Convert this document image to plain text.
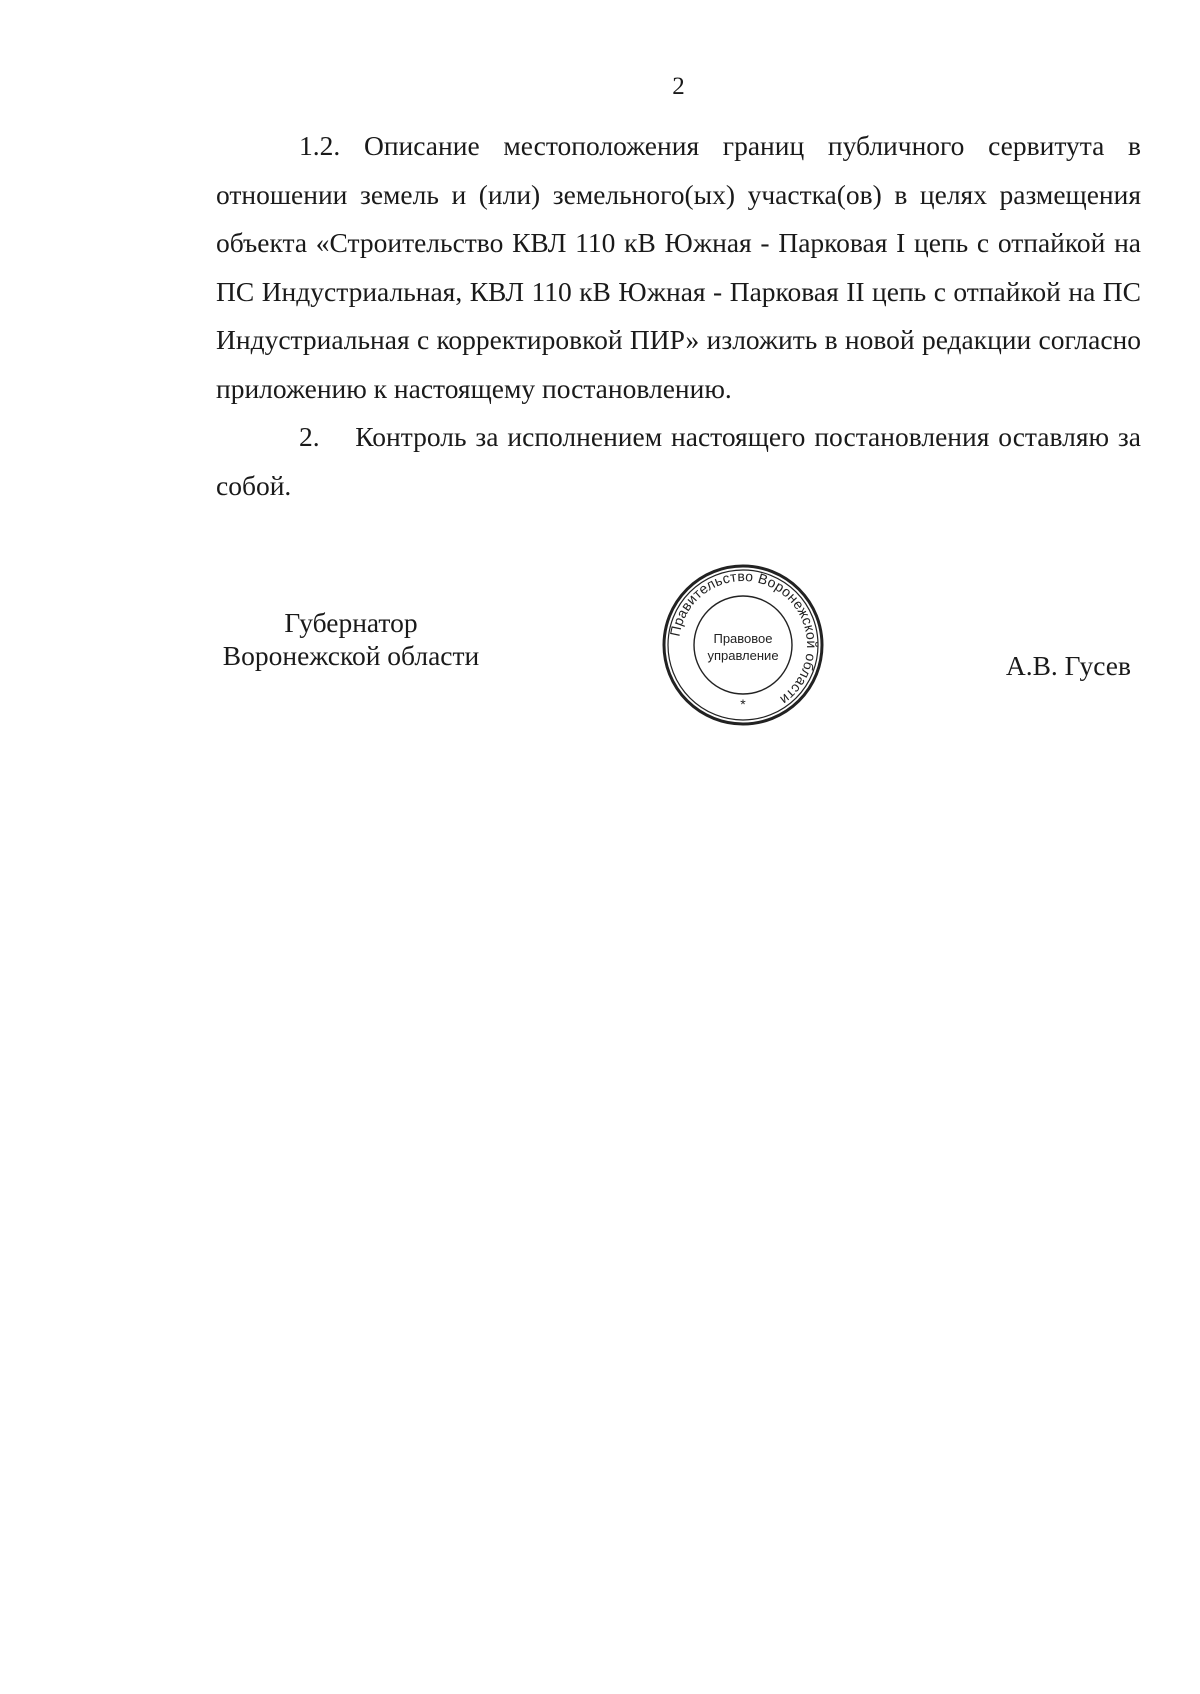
2

1.2. Описание местоположения границ публичного сервитута в отношении земель и (или) земельного(ых) участка(ов) в целях размещения объекта «Строительство КВЛ 110 кВ Южная - Парковая I цепь с отпайкой на ПС Индустриальная, КВЛ 110 кВ Южная - Парковая II цепь с отпайкой на ПС Индустриальная с корректировкой ПИР» изложить в новой редакции согласно приложению к настоящему постановлению.

2.    Контроль за исполнением настоящего постановления оставляю за собой.

Губернатор
Воронежской области
Правительство Воронежской области
Правовое
управление
*
А.В. Гусев
